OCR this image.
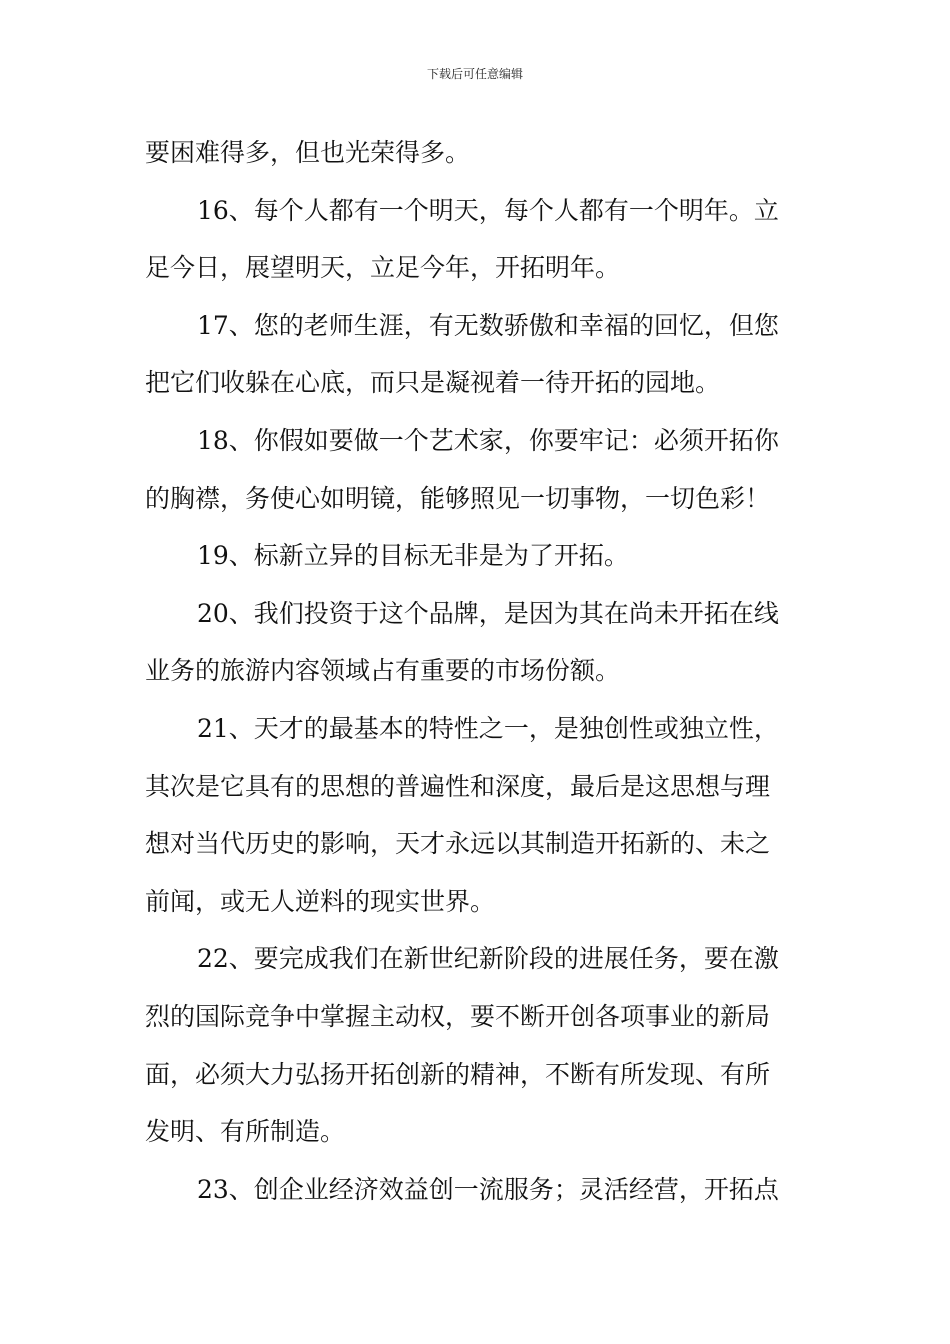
下载后可任意编辑
要困难得多，但也光荣得多。
16、每个人都有一个明天，每个人都有一个明年。立
足今日，展望明天，立足今年，开拓明年。
17、您的老师生涯，有无数骄傲和幸福的回忆，但您
把它们收躲在心底，而只是凝视着一待开拓的园地。
18、你假如要做一个艺术家，你要牢记：必须开拓你
的胸襟，务使心如明镜，能够照见一切事物，一切色彩！
19、标新立异的目标无非是为了开拓。
20、我们投资于这个品牌，是因为其在尚未开拓在线
业务的旅游内容领域占有重要的市场份额。
21、天才的最基本的特性之一，是独创性或独立性，
其次是它具有的思想的普遍性和深度，最后是这思想与理
想对当代历史的影响，天才永远以其制造开拓新的、未之
前闻，或无人逆料的现实世界。
22、要完成我们在新世纪新阶段的进展任务，要在激
烈的国际竞争中掌握主动权，要不断开创各项事业的新局
面，必须大力弘扬开拓创新的精神，不断有所发现、有所
发明、有所制造。
23、创企业经济效益创一流服务；灵活经营，开拓点
